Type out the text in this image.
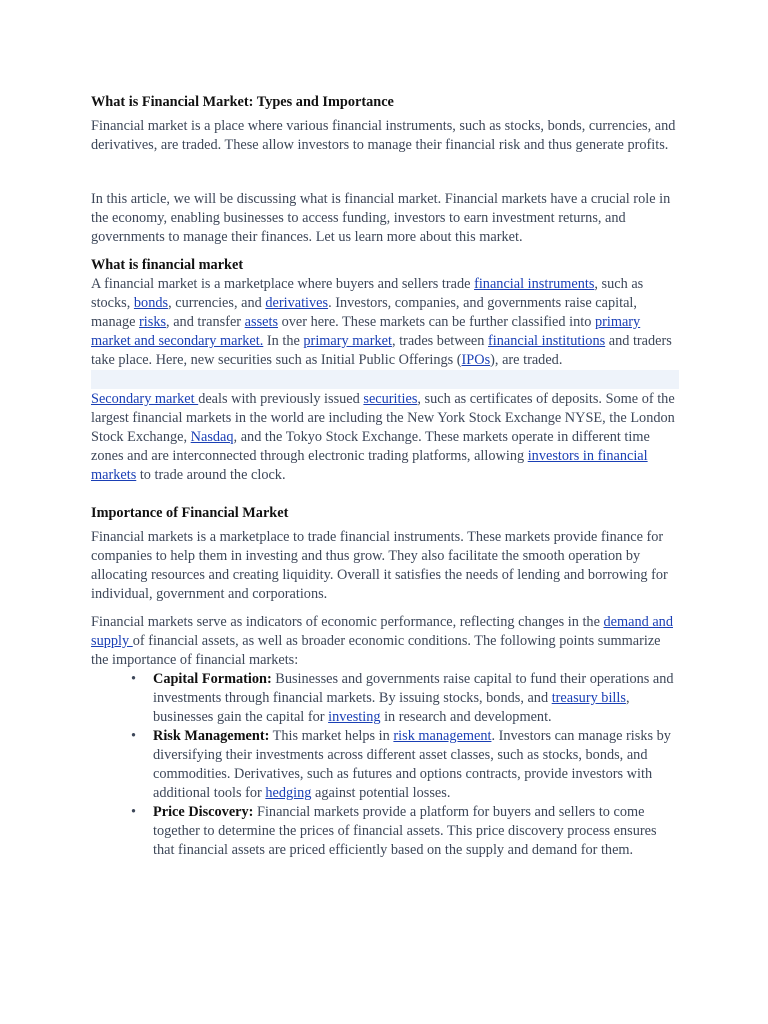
What is Financial Market: Types and Importance

Financial market is a place where various financial instruments, such as stocks, bonds, currencies, and derivatives, are traded. These allow investors to manage their financial risk and thus generate profits.

In this article, we will be discussing what is financial market. Financial markets have a crucial role in the economy, enabling businesses to access funding, investors to earn investment returns, and governments to manage their finances. Let us learn more about this market.

What is financial market

A financial market is a marketplace where buyers and sellers trade financial instruments, such as stocks, bonds, currencies, and derivatives. Investors, companies, and governments raise capital, manage risks, and transfer assets over here. These markets can be further classified into primary market and secondary market. In the primary market, trades between financial institutions and traders take place. Here, new securities such as Initial Public Offerings (IPOs), are traded.

Secondary market deals with previously issued securities, such as certificates of deposits. Some of the largest financial markets in the world are including the New York Stock Exchange NYSE, the London Stock Exchange, Nasdaq, and the Tokyo Stock Exchange. These markets operate in different time zones and are interconnected through electronic trading platforms, allowing investors in financial markets to trade around the clock.

Importance of Financial Market

Financial markets is a marketplace to trade financial instruments. These markets provide finance for companies to help them in investing and thus grow. They also facilitate the smooth operation by allocating resources and creating liquidity. Overall it satisfies the needs of lending and borrowing for individual, government and corporations.

Financial markets serve as indicators of economic performance, reflecting changes in the demand and supply of financial assets, as well as broader economic conditions. The following points summarize the importance of financial markets:

• Capital Formation: Businesses and governments raise capital to fund their operations and investments through financial markets. By issuing stocks, bonds, and treasury bills, businesses gain the capital for investing in research and development.
• Risk Management: This market helps in risk management. Investors can manage risks by diversifying their investments across different asset classes, such as stocks, bonds, and commodities. Derivatives, such as futures and options contracts, provide investors with additional tools for hedging against potential losses.
• Price Discovery: Financial markets provide a platform for buyers and sellers to come together to determine the prices of financial assets. This price discovery process ensures that financial assets are priced efficiently based on the supply and demand for them.
